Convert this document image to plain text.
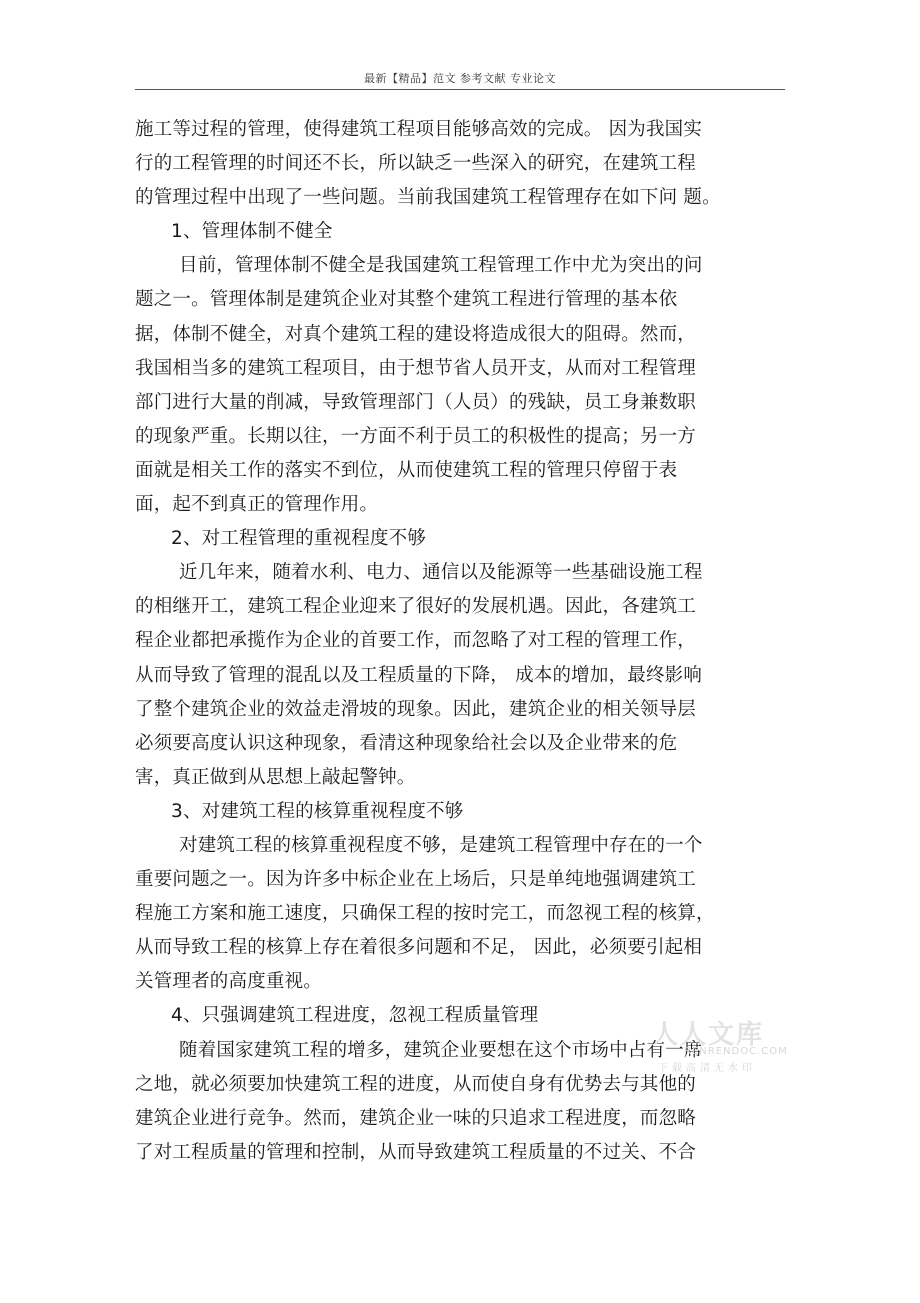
最新【精品】范文 参考文献 专业论文
施工等过程的管理，使得建筑工程项目能够高效的完成。 因为我国实
行的工程管理的时间还不长，所以缺乏一些深入的研究，在建筑工程
的管理过程中出现了一些问题。当前我国建筑工程管理存在如下问 题。
1、管理体制不健全
目前，管理体制不健全是我国建筑工程管理工作中尤为突出的问
题之一。管理体制是建筑企业对其整个建筑工程进行管理的基本依
据，体制不健全，对真个建筑工程的建设将造成很大的阻碍。然而，
我国相当多的建筑工程项目，由于想节省人员开支，从而对工程管理
部门进行大量的削减，导致管理部门（人员）的残缺，员工身兼数职
的现象严重。长期以往，一方面不利于员工的积极性的提高；另一方
面就是相关工作的落实不到位，从而使建筑工程的管理只停留于表
面，起不到真正的管理作用。
2、对工程管理的重视程度不够
近几年来，随着水利、电力、通信以及能源等一些基础设施工程
的相继开工，建筑工程企业迎来了很好的发展机遇。因此，各建筑工
程企业都把承揽作为企业的首要工作，而忽略了对工程的管理工作，
从而导致了管理的混乱以及工程质量的下降， 成本的增加，最终影响
了整个建筑企业的效益走滑坡的现象。因此，建筑企业的相关领导层
必须要高度认识这种现象，看清这种现象给社会以及企业带来的危
害，真正做到从思想上敲起警钟。
3、对建筑工程的核算重视程度不够
对建筑工程的核算重视程度不够，是建筑工程管理中存在的一个
重要问题之一。因为许多中标企业在上场后，只是单纯地强调建筑工
程施工方案和施工速度，只确保工程的按时完工，而忽视工程的核算，
从而导致工程的核算上存在着很多问题和不足， 因此，必须要引起相
关管理者的高度重视。
4、只强调建筑工程进度，忽视工程质量管理
随着国家建筑工程的增多，建筑企业要想在这个市场中占有一席
之地，就必须要加快建筑工程的进度，从而使自身有优势去与其他的
建筑企业进行竞争。然而，建筑企业一味的只追求工程进度，而忽略
了对工程质量的管理和控制，从而导致建筑工程质量的不过关、不合
人人文库
RENRENDOC.COM
下载高清无水印
